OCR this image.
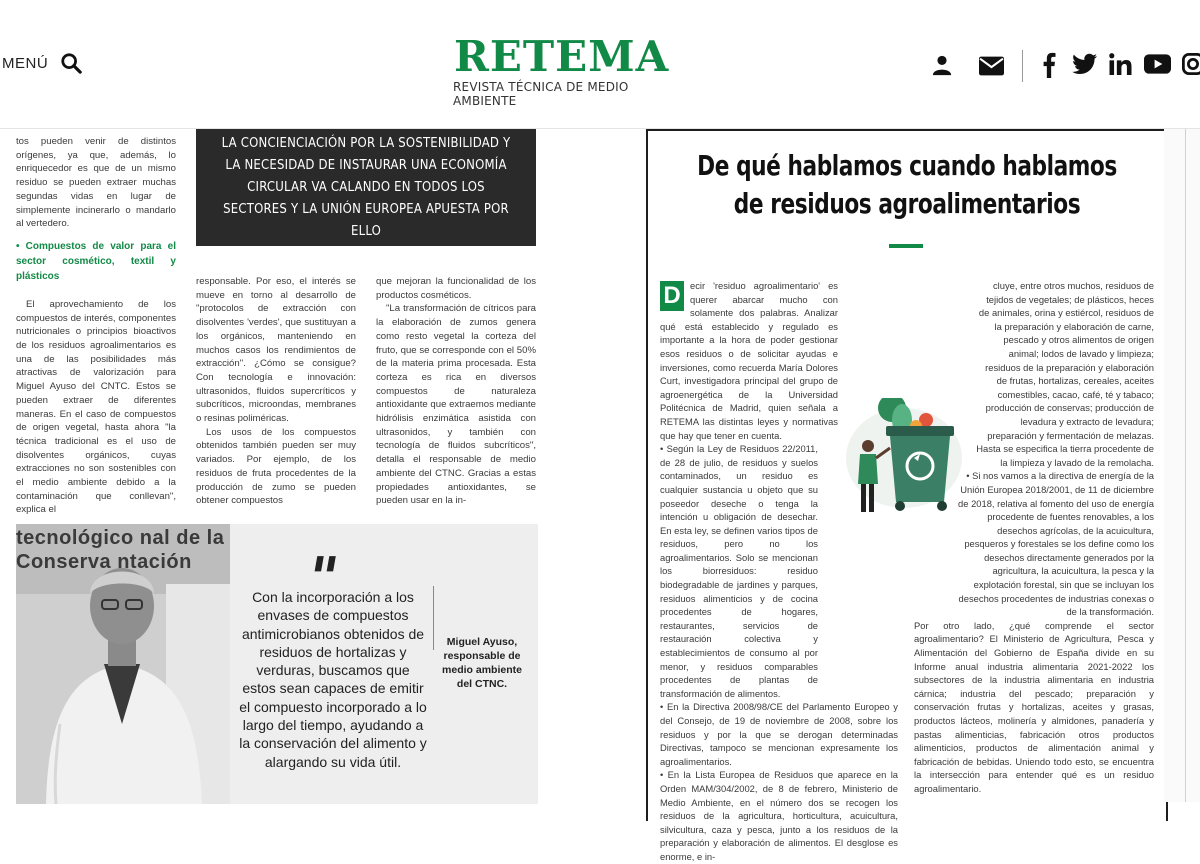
MENÚ	RETEMA
REVISTA TÉCNICA DE MEDIO AMBIENTE

tos pueden venir de distintos orígenes, ya que, además, lo enriquecedor es que de un mismo residuo se pueden extraer muchas segundas vidas en lugar de simplemente incinerarlo o mandarlo al vertedero.

• Compuestos de valor para el sector cosmético, textil y plásticos

El aprovechamiento de los compuestos de interés, componentes nutricionales o principios bioactivos de los residuos agroalimentarios es una de las posibilidades más atractivas de valorización para Miguel Ayuso del CNTC. Estos se pueden extraer de diferentes maneras. En el caso de compuestos de origen vegetal, hasta ahora "la técnica tradicional es el uso de disolventes orgánicos, cuyas extracciones no son sostenibles con el medio ambiente debido a la contaminación que conllevan", explica el

LA CONCIENCIACIÓN POR LA SOSTENIBILIDAD Y LA NECESIDAD DE INSTAURAR UNA ECONOMÍA CIRCULAR VA CALANDO EN TODOS LOS SECTORES Y LA UNIÓN EUROPEA APUESTA POR ELLO

responsable. Por eso, el interés se mueve en torno al desarrollo de "protocolos de extracción con disolventes 'verdes', que sustituyan a los orgánicos, manteniendo en muchos casos los rendimientos de extracción". ¿Cómo se consigue? Con tecnología e innovación: ultrasonidos, fluidos supercríticos y subcríticos, microondas, membranes o resinas poliméricas.

Los usos de los compuestos obtenidos también pueden ser muy variados. Por ejemplo, de los residuos de fruta procedentes de la producción de zumo se pueden obtener compuestos

que mejoran la funcionalidad de los productos cosméticos.

"La transformación de cítricos para la elaboración de zumos genera como resto vegetal la corteza del fruto, que se corresponde con el 50% de la materia prima procesada. Esta corteza es rica en diversos compuestos de naturaleza antioxidante que extraemos mediante hidrólisis enzimática asistida con ultrasonidos, y también con tecnología de fluidos subcríticos", detalla el responsable de medio ambiente del CTNC. Gracias a estas propiedades antioxidantes, se pueden usar en la in-

tecnológico nal de la Conserva ntación	"
Con la incorporación a los envases de compuestos antimicrobianos obtenidos de residuos de hortalizas y verduras, buscamos que estos sean capaces de emitir el compuesto incorporado a lo largo del tiempo, ayudando a la conservación del alimento y alargando su vida útil.
Miguel Ayuso, responsable de medio ambiente del CTNC.
De qué hablamos cuando hablamos de residuos agroalimentarios
D ecir 'residuo agroalimentario' es querer abarcar mucho con solamente dos palabras. Analizar qué está establecido y regulado es importante a la hora de poder gestionar esos residuos o de solicitar ayudas e inversiones, como recuerda María Dolores Curt, investigadora principal del grupo de agroenergética de la Universidad Politécnica de Madrid, quien señala a RETEMA las distintas leyes y normativas que hay que tener en cuenta.

• Según la Ley de Residuos 22/2011, de 28 de julio, de residuos y suelos contaminados, un residuo es cualquier sustancia u objeto que su poseedor deseche o tenga la intención u obligación de desechar. En esta ley, se definen varios tipos de residuos, pero no los agroalimentarios. Solo se mencionan los biorresiduos: residuo biodegradable de jardines y parques, residuos alimenticios y de cocina procedentes de hogares, restaurantes, servicios de restauración colectiva y establecimientos de consumo al por menor, y residuos comparables procedentes de plantas de transformación de alimentos.

• En la Directiva 2008/98/CE del Parlamento Europeo y del Consejo, de 19 de noviembre de 2008, sobre los residuos y por la que se derogan determinadas Directivas, tampoco se mencionan expresamente los agroalimentarios.

• En la Lista Europea de Residuos que aparece en la Orden MAM/304/2002, de 8 de febrero, Ministerio de Medio Ambiente, en el número dos se recogen los residuos de la agricultura, horticultura, acuicultura, silvicultura, caza y pesca, junto a los residuos de la preparación y elaboración de alimentos. El desglose es enorme, e in-

cluye, entre otros muchos, residuos de tejidos de vegetales; de plásticos, heces de animales, orina y estiércol, residuos de la preparación y elaboración de carne, pescado y otros alimentos de origen animal; lodos de lavado y limpieza; residuos de la preparación y elaboración de frutas, hortalizas, cereales, aceites comestibles, cacao, café, té y tabaco; producción de conservas; producción de levadura y extracto de levadura; preparación y fermentación de melazas. Hasta se especifica la tierra procedente de la limpieza y lavado de la remolacha.

• Si nos vamos a la directiva de energía de la Unión Europea 2018/2001, de 11 de diciembre de 2018, relativa al fomento del uso de energía procedente de fuentes renovables, a los desechos agrícolas, de la acuicultura, pesqueros y forestales se los define como los desechos directamente generados por la agricultura, la acuicultura, la pesca y la explotación forestal, sin que se incluyan los desechos procedentes de industrias conexas o de la transformación.

Por otro lado, ¿qué comprende el sector agroalimentario? El Ministerio de Agricultura, Pesca y Alimentación del Gobierno de España divide en su Informe anual industria alimentaria 2021-2022 los subsectores de la industria alimentaria en industria cárnica; industria del pescado; preparación y conservación frutas y hortalizas, aceites y grasas, productos lácteos, molinería y almidones, panadería y pastas alimenticias, fabricación otros productos alimenticios, productos de alimentación animal y fabricación de bebidas. Uniendo todo esto, se encuentra la intersección para entender qué es un residuo agroalimentario.
